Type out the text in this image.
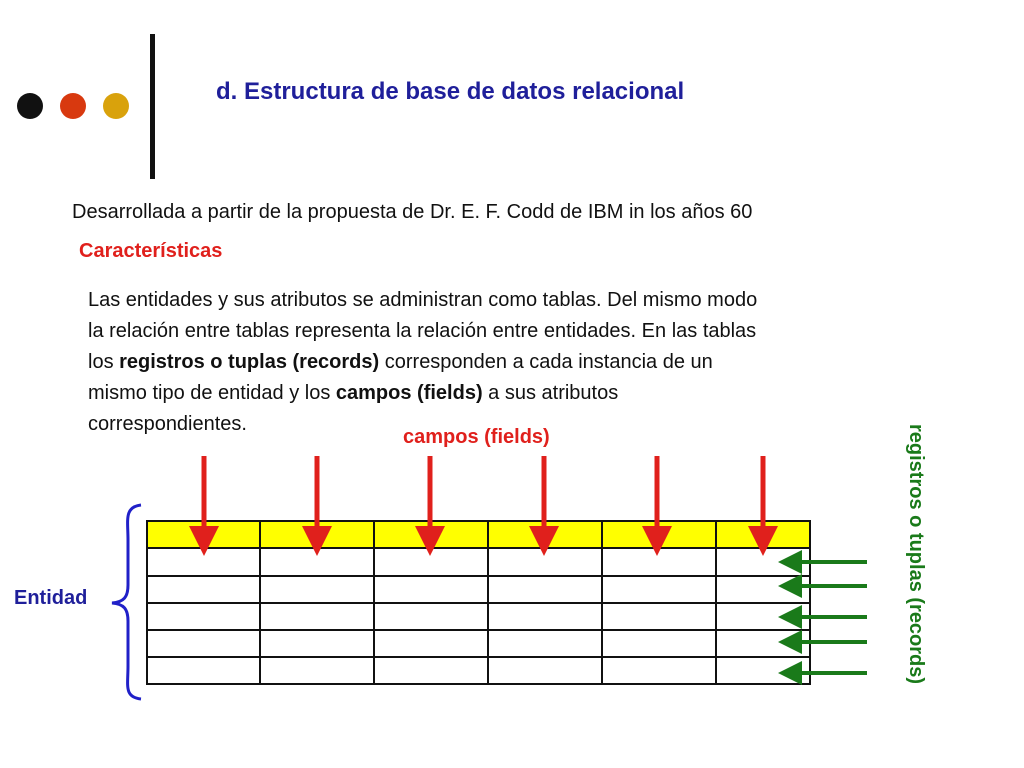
d. Estructura de base de datos relacional
Desarrollada a partir de la propuesta de Dr. E. F. Codd de IBM in los años 60
Características
Las entidades y sus atributos se administran como tablas. Del mismo modo
la relación entre tablas representa la relación entre entidades. En las tablas
los registros o tuplas (records) corresponden a cada instancia de un
mismo tipo de entidad y los campos (fields) a sus atributos
correspondientes.
campos (fields)
Entidad	registros o tuplas (records)
